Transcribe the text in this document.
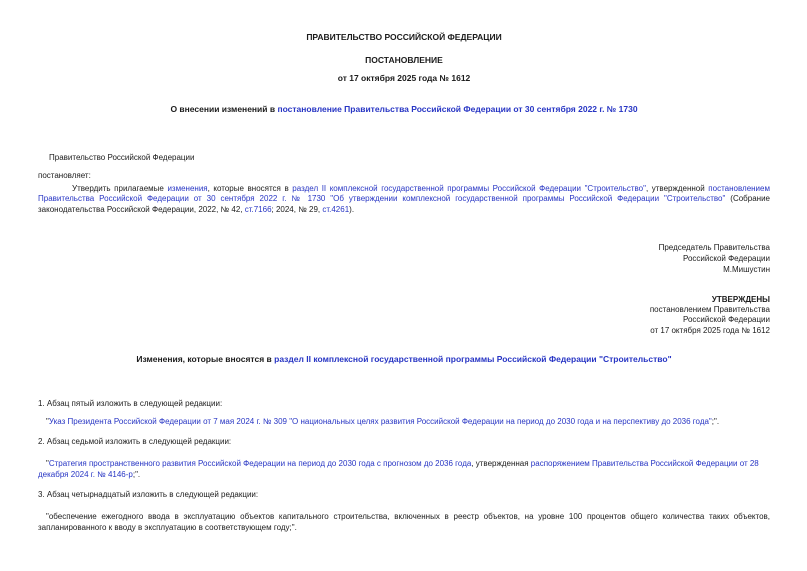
ПРАВИТЕЛЬСТВО РОССИЙСКОЙ ФЕДЕРАЦИИ
ПОСТАНОВЛЕНИЕ
от 17 октября 2025 года № 1612
О внесении изменений в постановление Правительства Российской Федерации от 30 сентября 2022 г. № 1730
Правительство Российской Федерации
постановляет:
Утвердить прилагаемые изменения, которые вносятся в раздел II комплексной государственной программы Российской Федерации "Строительство", утвержденной постановлением Правительства Российской Федерации от 30 сентября 2022 г. № 1730 "Об утверждении комплексной государственной программы Российской Федерации "Строительство" (Собрание законодательства Российской Федерации, 2022, № 42, ст.7166; 2024, № 29, ст.4261).
Председатель Правительства
Российской Федерации
М.Мишустин
УТВЕРЖДЕНЫ
постановлением Правительства
Российской Федерации
от 17 октября 2025 года № 1612
Изменения, которые вносятся в раздел II комплексной государственной программы Российской Федерации "Строительство"
1. Абзац пятый изложить в следующей редакции:
"Указ Президента Российской Федерации от 7 мая 2024 г. № 309 "О национальных целях развития Российской Федерации на период до 2030 года и на перспективу до 2036 года";".
2. Абзац седьмой изложить в следующей редакции:
"Стратегия пространственного развития Российской Федерации на период до 2030 года с прогнозом до 2036 года, утвержденная распоряжением Правительства Российской Федерации от 28 декабря 2024 г. № 4146-р;".
3. Абзац четырнадцатый изложить в следующей редакции:
"обеспечение ежегодного ввода в эксплуатацию объектов капитального строительства, включенных в реестр объектов, на уровне 100 процентов общего количества таких объектов, запланированного к вводу в эксплуатацию в соответствующем году;".
